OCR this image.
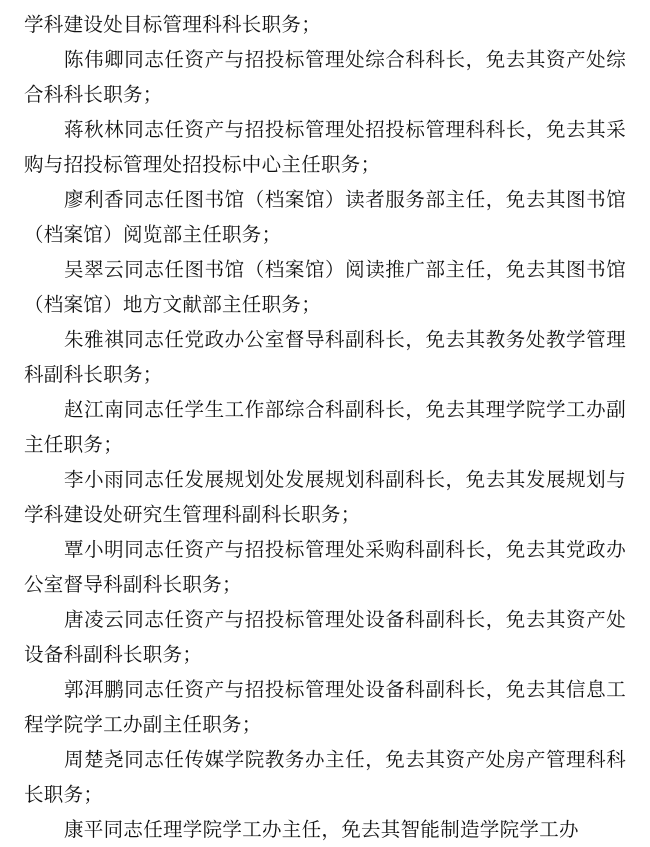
学科建设处目标管理科科长职务；

陈伟卿同志任资产与招投标管理处综合科科长，免去其资产处综合科科长职务；

蒋秋林同志任资产与招投标管理处招投标管理科科长，免去其采购与招投标管理处招投标中心主任职务；

廖利香同志任图书馆（档案馆）读者服务部主任，免去其图书馆（档案馆）阅览部主任职务；

吴翠云同志任图书馆（档案馆）阅读推广部主任，免去其图书馆（档案馆）地方文献部主任职务；

朱雅祺同志任党政办公室督导科副科长，免去其教务处教学管理科副科长职务；

赵江南同志任学生工作部综合科副科长，免去其理学院学工办副主任职务；

李小雨同志任发展规划处发展规划科副科长，免去其发展规划与学科建设处研究生管理科副科长职务；

覃小明同志任资产与招投标管理处采购科副科长，免去其党政办公室督导科副科长职务；

唐凌云同志任资产与招投标管理处设备科副科长，免去其资产处设备科副科长职务；

郭洱鹏同志任资产与招投标管理处设备科副科长，免去其信息工程学院学工办副主任职务；

周楚尧同志任传媒学院教务办主任，免去其资产处房产管理科科长职务；

康平同志任理学院学工办主任，免去其智能制造学院学工办
